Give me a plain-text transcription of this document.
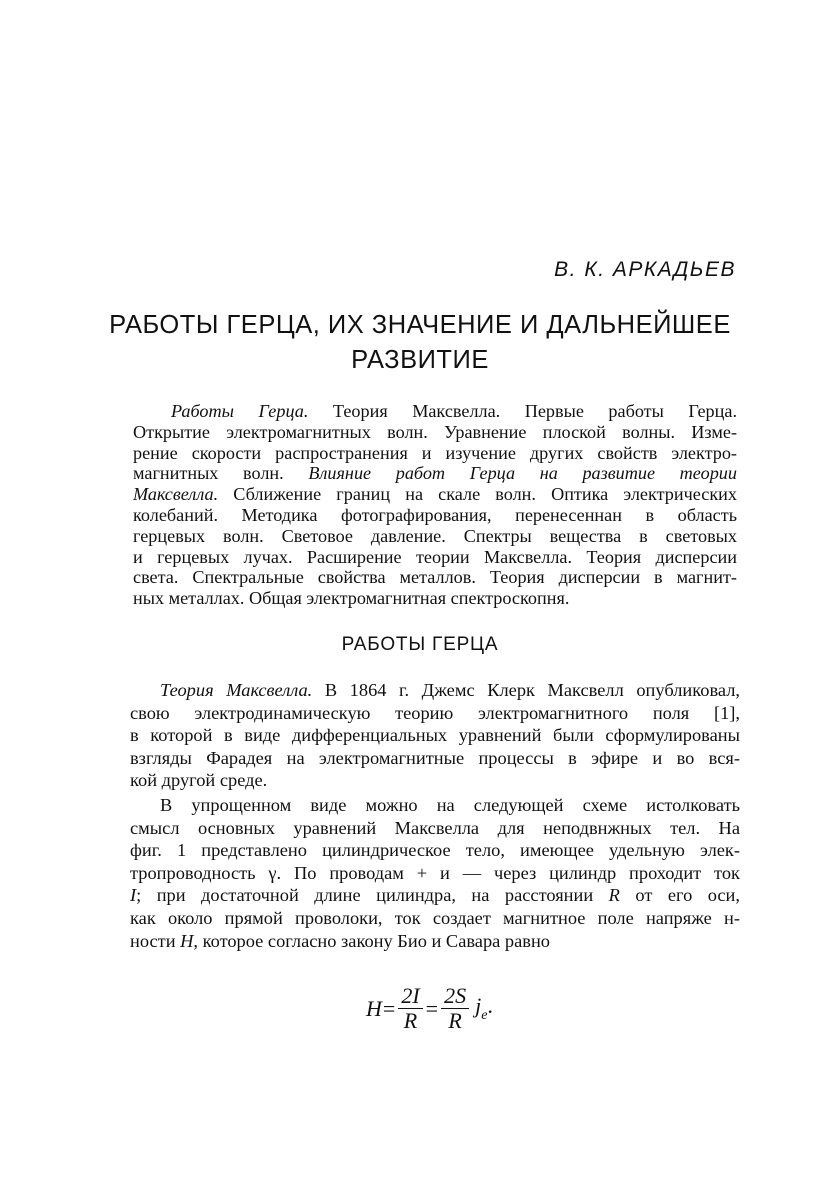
В. К. АРКАДЬЕВ
РАБОТЫ ГЕРЦА, ИХ ЗНАЧЕНИЕ И ДАЛЬНЕЙШЕЕ
РАЗВИТИЕ
Работы Герца. Теория Максвелла. Первые работы Герца.
Открытие электромагнитных волн. Уравнение плоской волны. Изме-
рение скорости распространения и изучение других свойств электро-
магнитных волн. Влияние работ Герца на развитие теории
Максвелла. Сближение границ на скале волн. Оптика электрических
колебаний. Методика фотографирования, перенесеннан в область
герцевых волн. Световое давление. Спектры вещества в световых
и герцевых лучах. Расширение теории Максвелла. Теория дисперсии
света. Спектральные свойства металлов. Теория дисперсии в магнит-
ных металлах. Общая электромагнитная спектроскопня.
РАБОТЫ ГЕРЦА
Теория Максвелла. В 1864 г. Джемс Клерк Максвелл опубликовал,
свою электродинамическую теорию электромагнитного поля [1],
в которой в виде дифференциальных уравнений были сформулированы
взгляды Фарадея на электромагнитные процессы в эфире и во вся-
кой другой среде.
В упрощенном виде можно на следующей схеме истолковать
смысл основных уравнений Максвелла для неподвнжных тел. На
фиг. 1 представлено цилиндрическое тело, имеющее удельную элек-
тропроводность γ. По проводам + и — через цилиндр проходит ток
I; при достаточной длине цилиндра, на расстоянии R от его оси,
как около прямой проволоки, ток создает магнитное поле напряже н-
ности H, которое согласно закону Био и Савара равно
$H = \frac{2I}{R} = \frac{2S}{R} j_e$.
